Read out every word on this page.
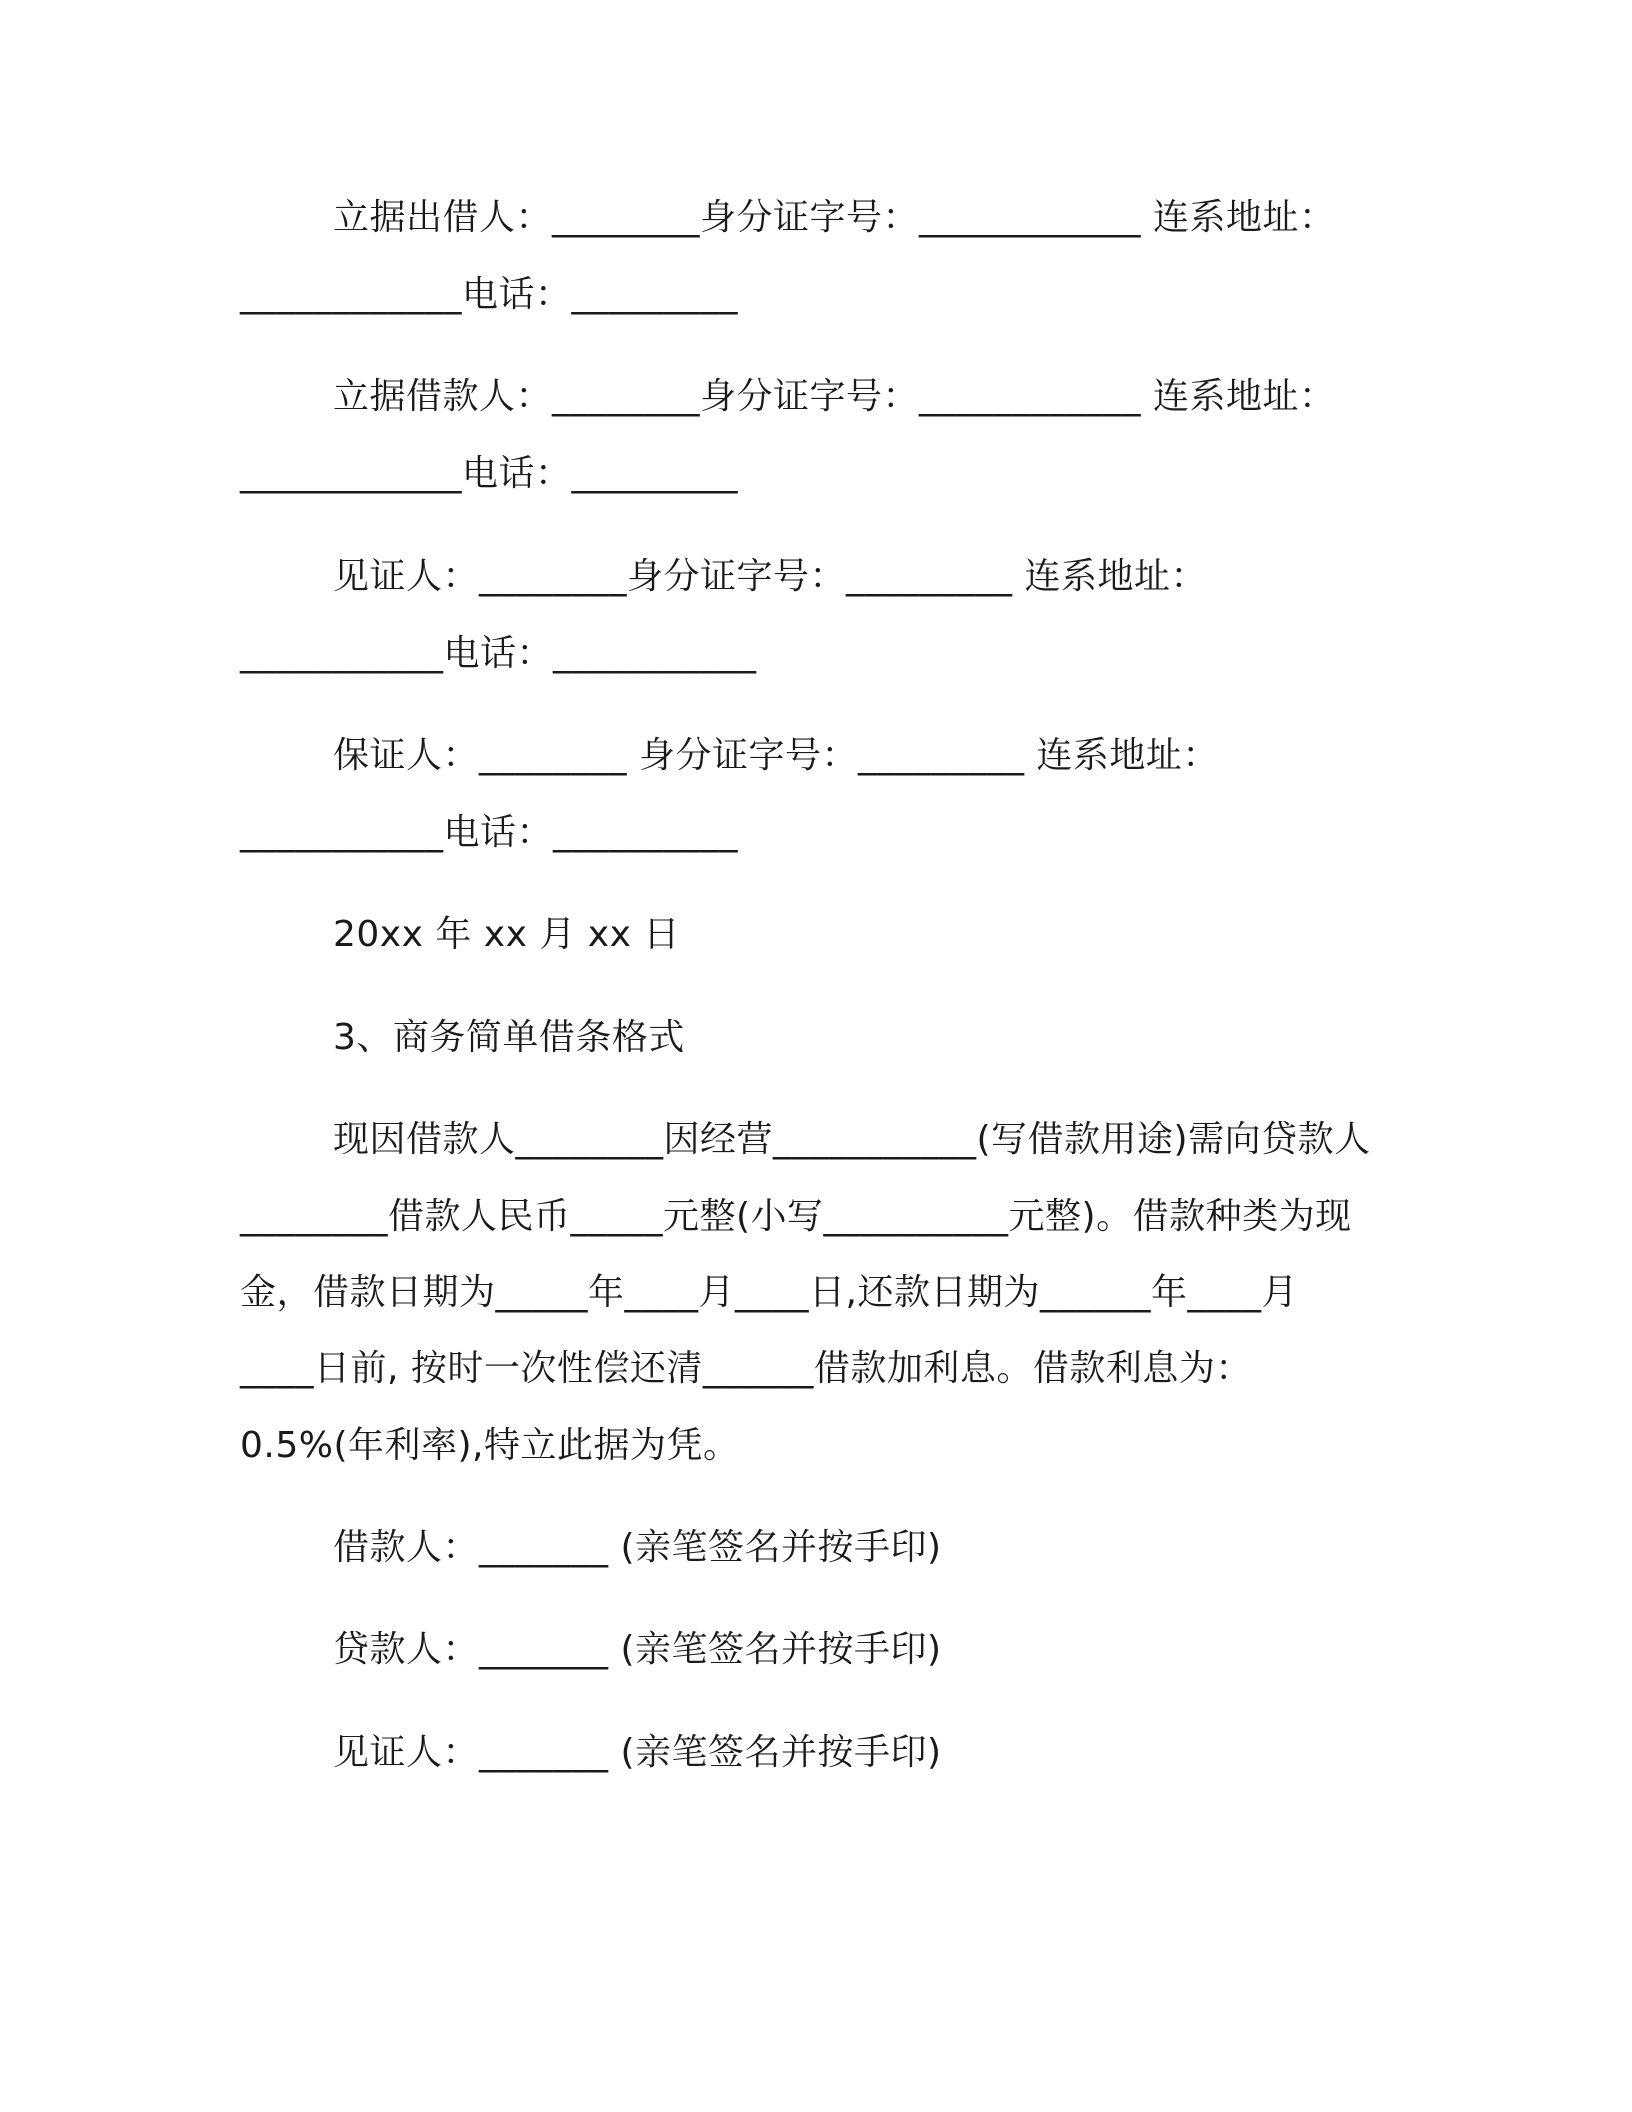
立据出借人：________身分证字号：____________ 连系地址：
____________电话：_________
立据借款人：________身分证字号：____________ 连系地址：
____________电话：_________
见证人：________身分证字号：_________ 连系地址：
___________电话：___________
保证人：________ 身分证字号：_________ 连系地址：
___________电话：__________
20xx 年 xx 月 xx 日
3、商务简单借条格式
现因借款人________因经营___________(写借款用途)需向贷款人
________借款人民币_____元整(小写__________元整)。借款种类为现
金，借款日期为_____年____月____日,还款日期为______年____月
____日前, 按时一次性偿还清______借款加利息。借款利息为：
0.5%(年利率),特立此据为凭。
借款人：_______ (亲笔签名并按手印)
贷款人：_______ (亲笔签名并按手印)
见证人：_______ (亲笔签名并按手印)
